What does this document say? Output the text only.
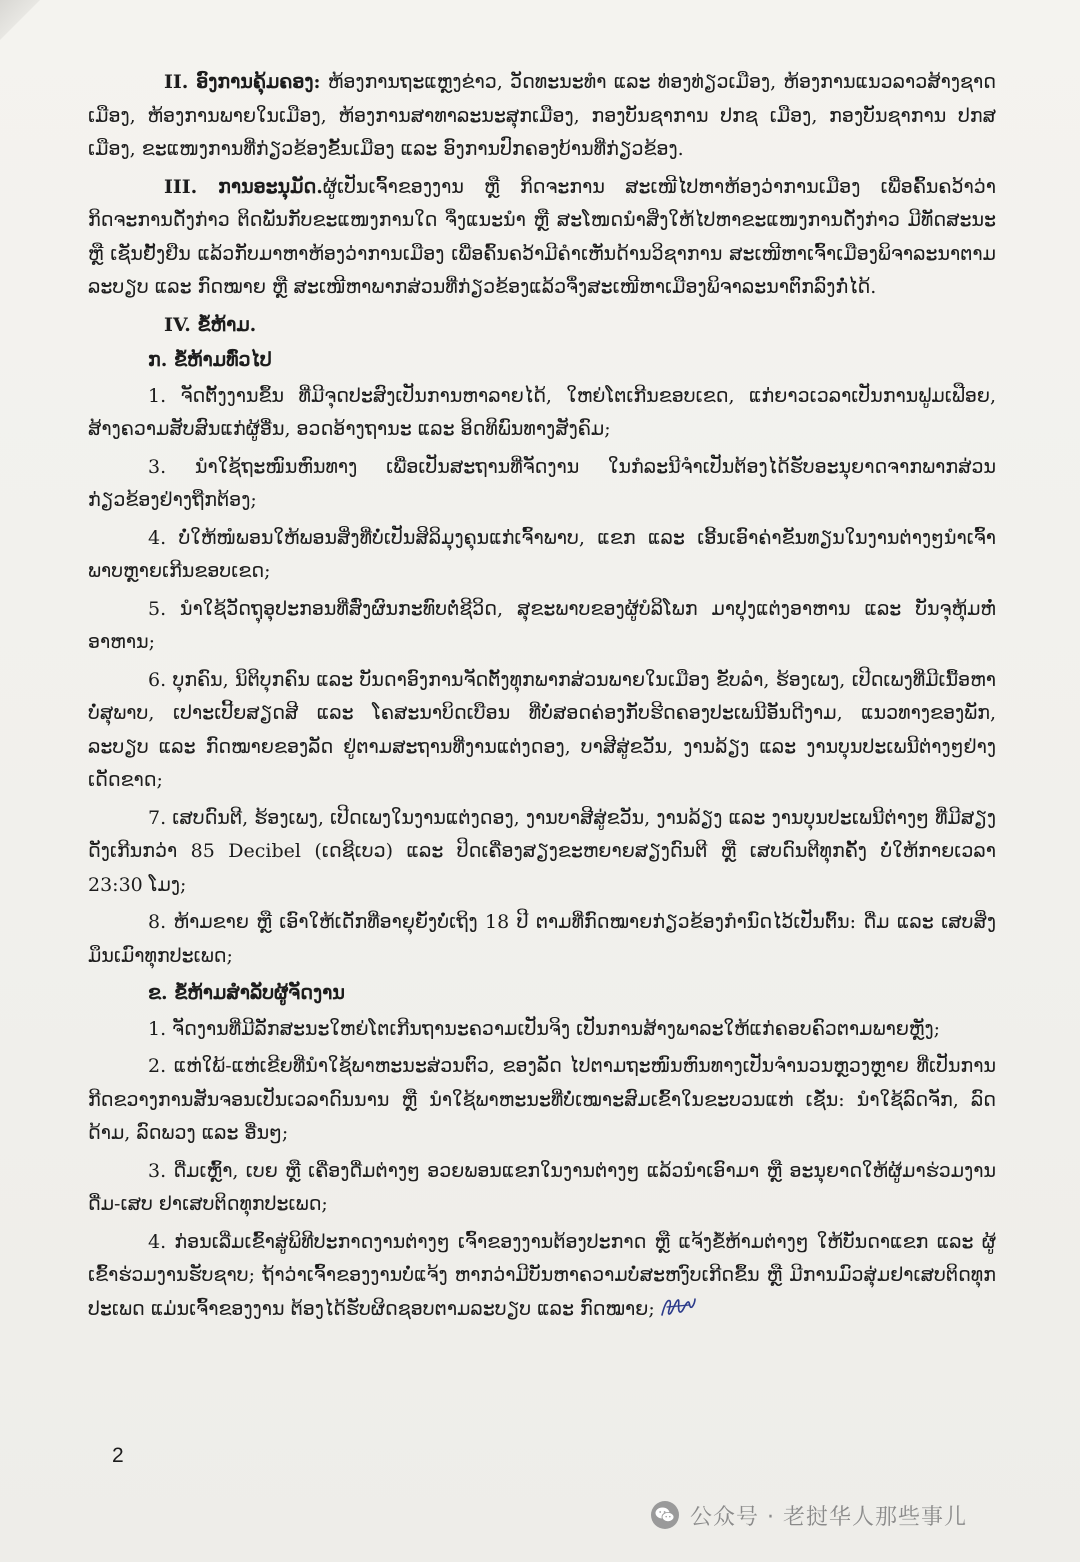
II. ອົງການຄຸ້ມຄອງ: ຫ້ອງການຖະແຫຼງຂ່າວ, ວັດທະນະທຳ ແລະ ທ່ອງທ່ຽວເມືອງ, ຫ້ອງການແນວລາວສ້າງຊາດເມືອງ, ຫ້ອງການພາຍໃນເມືອງ, ຫ້ອງການສາທາລະນະສຸກເມືອງ, ກອງບັນຊາການ ປກຊ ເມືອງ, ກອງບັນຊາການ ປກສ ເມືອງ, ຂະແໜງການທີ່ກ່ຽວຂ້ອງຂັ້ນເມືອງ ແລະ ອົງການປົກຄອງບ້ານທີ່ກ່ຽວຂ້ອງ.

III. ການອະນຸມັດ.ຜູ້ເປັນເຈົ້າຂອງງານ ຫຼື ກິດຈະການ ສະເໜີໄປຫາຫ້ອງວ່າການເມືອງ ເພື່ອຄົ້ນຄວ້າວ່າ ກິດຈະການດັ່ງກ່າວ ຕິດພັນກັບຂະແໜງການໃດ ຈຶ່ງແນະນຳ ຫຼື ສະໂໜດນຳສິ່ງໃຫ້ໄປຫາຂະແໜງການດັ່ງກ່າວ ມີທັດສະນະ ຫຼື ເຊັນຢັ້ງຢືນ ແລ້ວກັບມາຫາຫ້ອງວ່າການເມືອງ ເພື່ອຄົ້ນຄວ້າມີຄຳເຫັນດ້ານວິຊາການ ສະເໜີຫາເຈົ້າເມືອງພິຈາລະນາຕາມລະບຽບ ແລະ ກົດໝາຍ ຫຼື ສະເໜີຫາພາກສ່ວນທີ່ກ່ຽວຂ້ອງແລ້ວຈຶ່ງສະເໜີຫາເມືອງພິຈາລະນາຕົກລົງກໍ່ໄດ້.

IV. ຂໍ້ຫ້າມ.
ກ. ຂໍ້ຫ້າມທົ່ວໄປ

1. ຈັດຕັ້ງງານຂຶ້ນ ທີ່ມີຈຸດປະສົງເປັນການຫາລາຍໄດ້, ໃຫຍ່ໂຕເກີນຂອບເຂດ, ແກ່ຍາວເວລາເປັນການຟູມເຟືອຍ, ສ້າງຄວາມສັບສົນແກ່ຜູ້ອື່ນ, ອວດອ້າງຖານະ ແລະ ອິດທິພົນທາງສັງຄົມ;

3. ນຳໃຊ້ຖະໜົນຫົນທາງ ເພື່ອເປັນສະຖານທີ່ຈັດງານ ໃນກໍລະນີຈຳເປັນຕ້ອງໄດ້ຮັບອະນຸຍາດຈາກພາກສ່ວນກ່ຽວຂ້ອງຢ່າງຖືກຕ້ອງ;

4. ບໍ່ໃຫ້ໜໍພອນໃຫ້ພອນສິ່ງທີ່ບໍ່ເປັນສິລິມຸງຄຸນແກ່ເຈົ້າພາບ, ແຂກ ແລະ ເອີ້ນເອົາຄ່າຂັນທຽນໃນງານຕ່າງໆນຳເຈົ້າພາບຫຼາຍເກີນຂອບເຂດ;

5. ນຳໃຊ້ວັດຖຸອຸປະກອນທີ່ສົ່ງຜົນກະທົບຕໍ່ຊີວິດ, ສຸຂະພາບຂອງຜູ້ບໍລິໂພກ ມາປຸງແຕ່ງອາຫານ ແລະ ບັນຈຸຫຸ້ມຫໍ່ອາຫານ;

6. ບຸກຄົນ, ນິຕິບຸກຄົນ ແລະ ບັນດາອົງການຈັດຕັ້ງທຸກພາກສ່ວນພາຍໃນເມືອງ ຂັບລຳ, ຮ້ອງເພງ, ເປີດເພງທີ່ມີເນື້ອຫາບໍ່ສຸພາບ, ເປາະເປີ້ຍສຽດສີ ແລະ ໂຄສະນາບິດເບືອນ ທີ່ບໍ່ສອດຄ່ອງກັບຮີດຄອງປະເພນີອັນດີງາມ, ແນວທາງຂອງພັກ, ລະບຽບ ແລະ ກົດໝາຍຂອງລັດ ຢູ່ຕາມສະຖານທີ່ງານແຕ່ງດອງ, ບາສີສູ່ຂວັນ, ງານລ້ຽງ ແລະ ງານບຸນປະເພນີຕ່າງໆຢ່າງເດັດຂາດ;

7. ເສບດົນຕີ, ຮ້ອງເພງ, ເປີດເພງໃນງານແຕ່ງດອງ, ງານບາສີສູ່ຂວັນ, ງານລ້ຽງ ແລະ ງານບຸນປະເພນີຕ່າງໆ ທີ່ມີສຽງດັງເກີນກວ່າ 85 Decibel (ເດຊີເບວ) ແລະ ປິດເຄື່ອງສຽງຂະຫຍາຍສຽງດົນຕີ ຫຼື ເສບດົນຕີທຸກຄັ້ງ ບໍ່ໃຫ້ກາຍເວລາ 23:30 ໂມງ;

8. ຫ້າມຂາຍ ຫຼື ເອົາໃຫ້ເດັກທີ່ອາຍຸຍັງບໍ່ເຖິງ 18 ປີ ຕາມທີ່ກົດໝາຍກ່ຽວຂ້ອງກຳນົດໄວ້ເປັນຕົ້ນ: ດື່ມ ແລະ ເສບສິ່ງມຶນເມົາທຸກປະເພດ;

ຂ. ຂໍ້ຫ້າມສຳລັບຜູ້ຈັດງານ

1. ຈັດງານທີ່ມີລັກສະນະໃຫຍ່ໂຕເກີນຖານະຄວາມເປັນຈິງ ເປັນການສ້າງພາລະໃຫ້ແກ່ຄອບຄົວຕາມພາຍຫຼັງ;

2. ແຫ່ໃພ້-ແຫ່ເຂີຍທີ່ນຳໃຊ້ພາຫະນະສ່ວນຕົວ, ຂອງລັດ ໄປຕາມຖະໜົນຫົນທາງເປັນຈຳນວນຫຼວງຫຼາຍ ທີ່ເປັນການກີດຂວາງການສັນຈອນເປັນເວລາດົນນານ ຫຼື ນຳໃຊ້ພາຫະນະທີ່ບໍ່ເໝາະສົມເຂົ້າໃນຂະບວນແຫ່ ເຊັ່ນ: ນຳໃຊ້ລົດຈັກ, ລົດດ້າມ, ລົດພວງ ແລະ ອື່ນໆ;

3. ດື່ມເຫຼົ້າ, ເບຍ ຫຼື ເຄື່ອງດື່ມຕ່າງໆ ອວຍພອນແຂກໃນງານຕ່າງໆ ແລ້ວນຳເອົາມາ ຫຼື ອະນຸຍາດໃຫ້ຜູ້ມາຮ່ວມງານ ດື່ມ-ເສບ ຢາເສບຕິດທຸກປະເພດ;

4. ກ່ອນເລີ່ມເຂົ້າສູ່ພິທີປະກາດງານຕ່າງໆ ເຈົ້າຂອງງານຕ້ອງປະກາດ ຫຼື ແຈ້ງຂໍ້ຫ້າມຕ່າງໆ ໃຫ້ບັນດາແຂກ ແລະ ຜູ້ເຂົ້າຮ່ວມງານຮັບຊາບ; ຖ້າວ່າເຈົ້າຂອງງານບໍ່ແຈ້ງ ຫາກວ່າມີບັນຫາຄວາມບໍ່ສະຫງົບເກີດຂຶ້ນ ຫຼື ມີການມົວສຸ່ມຢາເສບຕິດທຸກປະເພດ ແມ່ນເຈົ້າຂອງງານ ຕ້ອງໄດ້ຮັບຜິດຊອບຕາມລະບຽບ ແລະ ກົດໝາຍ;

2
公众号 · 老挝华人那些事儿
